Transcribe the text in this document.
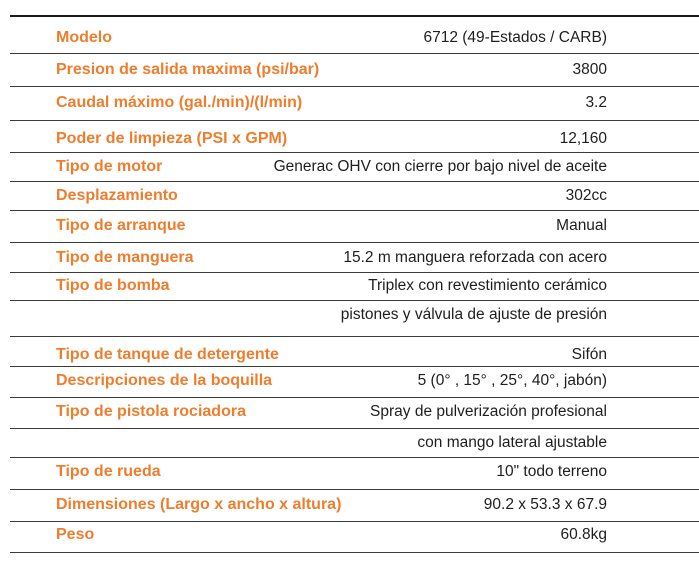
Modelo	6712 (49-Estados / CARB)
Presion de salida maxima (psi/bar)	3800
Caudal máximo (gal./min)/(l/min)	3.2
Poder de limpieza (PSI x GPM)	12,160
Tipo de motor	Generac OHV con cierre por bajo nivel de aceite
Desplazamiento	302cc
Tipo de arranque	Manual
Tipo de manguera	15.2 m manguera reforzada con acero
Tipo de bomba	Triplex con revestimiento cerámico
pistones y válvula de ajuste de presión
Tipo de tanque de detergente	Sifón
Descripciones de la boquilla	5 (0° , 15° , 25°, 40°, jabón)
Tipo de pistola rociadora	Spray de pulverización profesional
con mango lateral ajustable
Tipo de rueda	10" todo terreno
Dimensiones (Largo x ancho x altura)	90.2 x 53.3 x 67.9
Peso	60.8kg
